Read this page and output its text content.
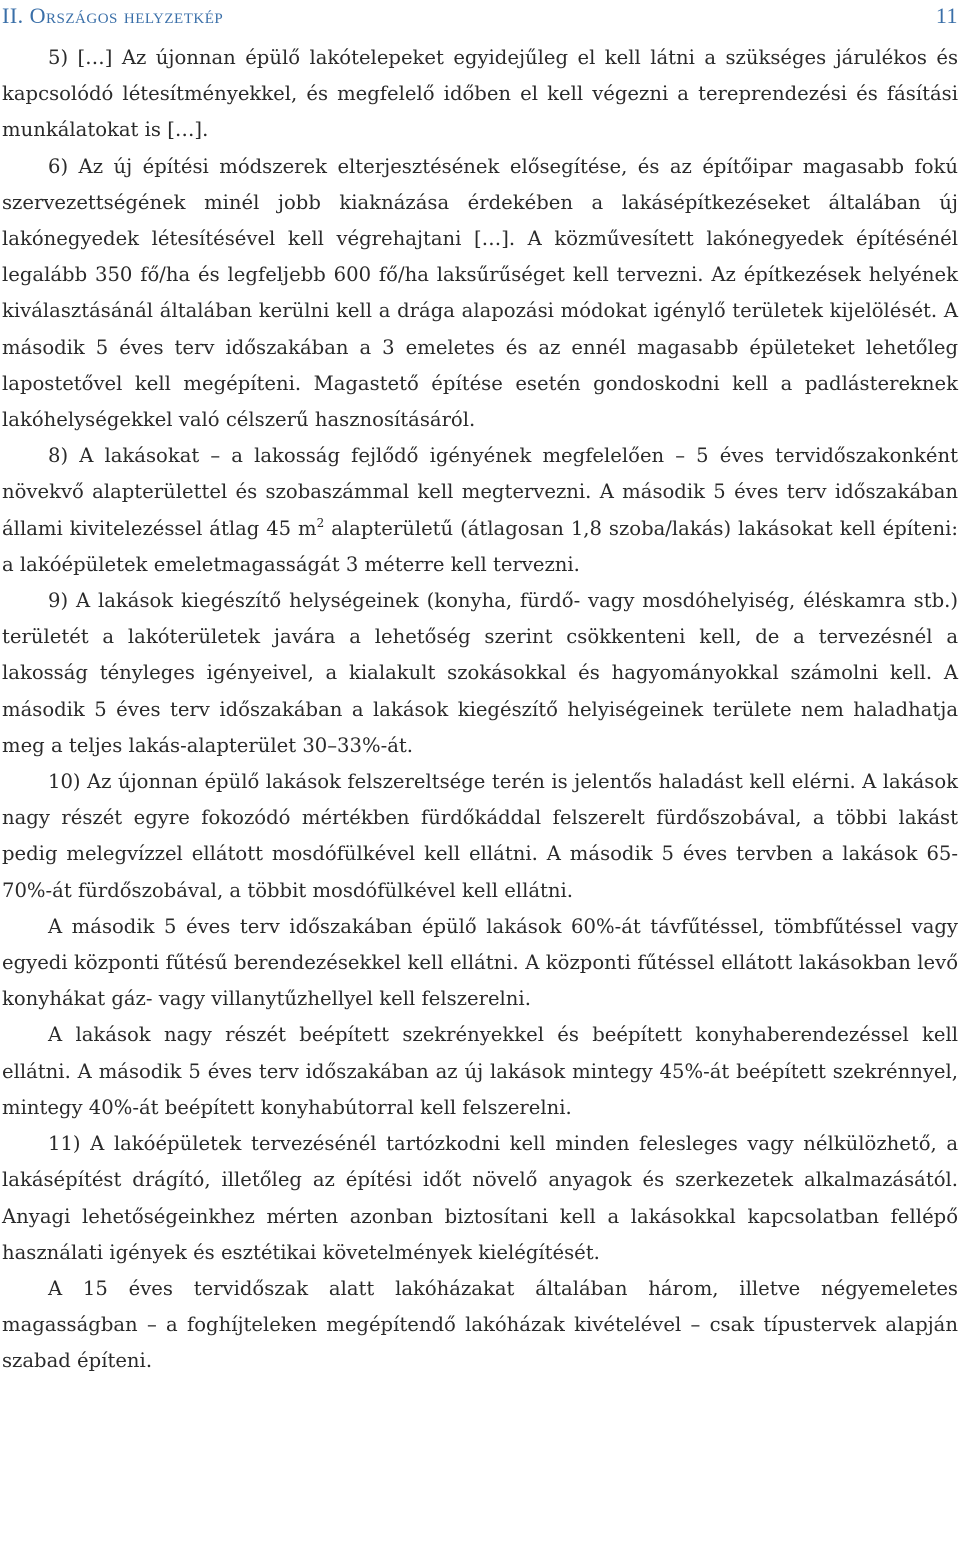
II. Országos helyzetkép	11

5) […] Az újonnan épülő lakótelepeket egyidejűleg el kell látni a szükséges járulékos és kapcsolódó létesítményekkel, és megfelelő időben el kell végezni a tereprendezési és fásítási munkálatokat is […].

6) Az új építési módszerek elterjesztésének elősegítése, és az építőipar magasabb fokú szervezettségének minél jobb kiaknázása érdekében a lakásépítkezéseket általában új lakónegyedek létesítésével kell végrehajtani […]. A közművesített lakónegyedek építésénél legalább 350 fő/ha és legfeljebb 600 fő/ha laksűrűséget kell tervezni. Az építkezések helyének kiválasztásánál általában kerülni kell a drága alapozási módokat igénylő területek kijelölését. A második 5 éves terv időszakában a 3 emeletes és az ennél magasabb épületeket lehetőleg lapostetővel kell megépíteni. Magastető építése esetén gondoskodni kell a padlástereknek lakóhelységekkel való célszerű hasznosításáról.

8) A lakásokat – a lakosság fejlődő igényének megfelelően – 5 éves tervidőszakonként növekvő alapterülettel és szobaszámmal kell megtervezni. A második 5 éves terv időszakában állami kivitelezéssel átlag 45 $m^2$ alapterületű (átlagosan 1,8 szoba/lakás) lakásokat kell építeni: a lakóépületek emeletmagasságát 3 méterre kell tervezni.

9) A lakások kiegészítő helységeinek (konyha, fürdő- vagy mosdóhelyiség, éléskamra stb.) területét a lakóterületek javára a lehetőség szerint csökkenteni kell, de a tervezésnél a lakosság tényleges igényeivel, a kialakult szokásokkal és hagyományokkal számolni kell. A második 5 éves terv időszakában a lakások kiegészítő helyiségeinek területe nem haladhatja meg a teljes lakás-alapterület 30–33%-át.

10) Az újonnan épülő lakások felszereltsége terén is jelentős haladást kell elérni. A lakások nagy részét egyre fokozódó mértékben fürdőkáddal felszerelt fürdőszobával, a többi lakást pedig melegvízzel ellátott mosdófülkével kell ellátni. A második 5 éves tervben a lakások 65-70%-át fürdőszobával, a többit mosdófülkével kell ellátni.

A második 5 éves terv időszakában épülő lakások 60%-át távfűtéssel, tömbfűtéssel vagy egyedi központi fűtésű berendezésekkel kell ellátni. A központi fűtéssel ellátott lakásokban levő konyhákat gáz- vagy villanytűzhellyel kell felszerelni.

A lakások nagy részét beépített szekrényekkel és beépített konyhaberendezéssel kell ellátni. A második 5 éves terv időszakában az új lakások mintegy 45%-át beépített szekrénnyel, mintegy 40%-át beépített konyhabútorral kell felszerelni.

11) A lakóépületek tervezésénél tartózkodni kell minden felesleges vagy nélkülözhető, a lakásépítést drágító, illetőleg az építési időt növelő anyagok és szerkezetek alkalmazásától. Anyagi lehetőségeinkhez mérten azonban biztosítani kell a lakásokkal kapcsolatban fellépő használati igények és esztétikai követelmények kielégítését.

A 15 éves tervidőszak alatt lakóházakat általában három, illetve négyemeletes magasságban – a foghíjteleken megépítendő lakóházak kivételével – csak típustervek alapján szabad építeni.
